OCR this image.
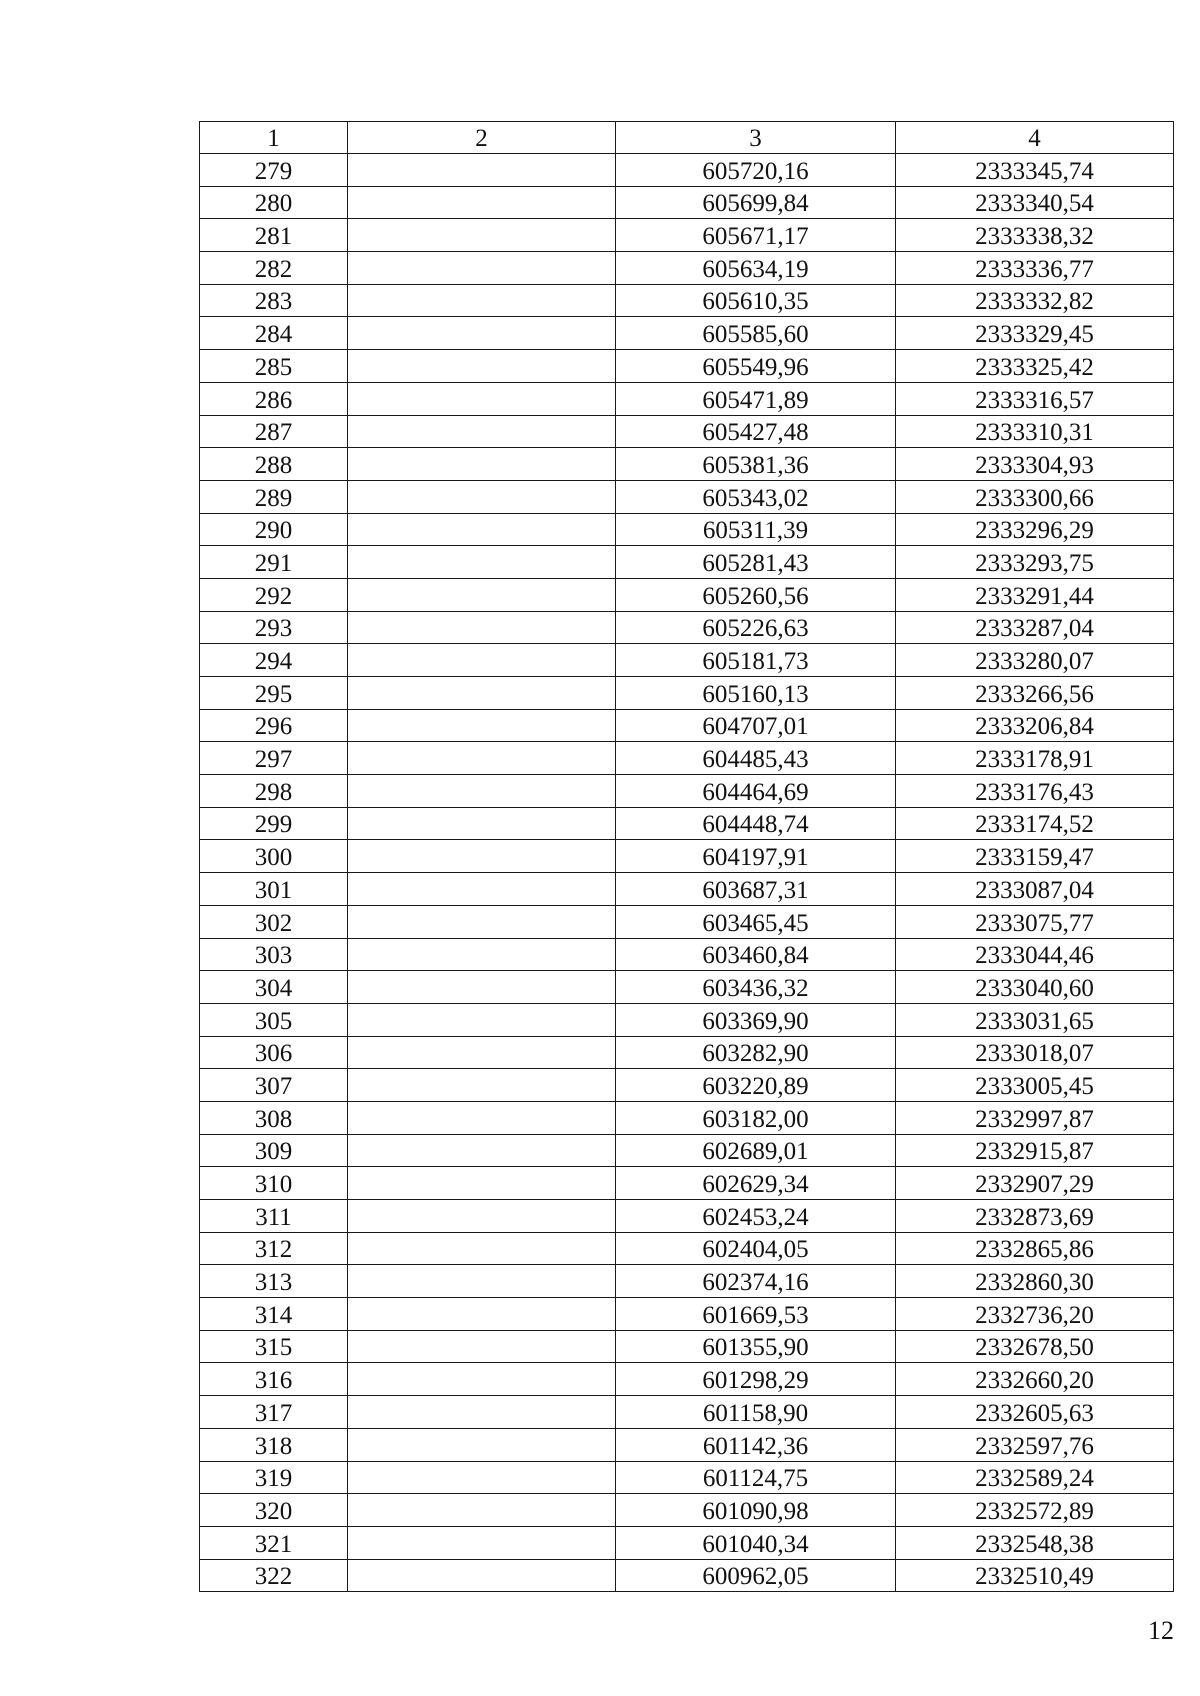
1	2	3	4
279		605720,16	2333345,74
280		605699,84	2333340,54
281		605671,17	2333338,32
282		605634,19	2333336,77
283		605610,35	2333332,82
284		605585,60	2333329,45
285		605549,96	2333325,42
286		605471,89	2333316,57
287		605427,48	2333310,31
288		605381,36	2333304,93
289		605343,02	2333300,66
290		605311,39	2333296,29
291		605281,43	2333293,75
292		605260,56	2333291,44
293		605226,63	2333287,04
294		605181,73	2333280,07
295		605160,13	2333266,56
296		604707,01	2333206,84
297		604485,43	2333178,91
298		604464,69	2333176,43
299		604448,74	2333174,52
300		604197,91	2333159,47
301		603687,31	2333087,04
302		603465,45	2333075,77
303		603460,84	2333044,46
304		603436,32	2333040,60
305		603369,90	2333031,65
306		603282,90	2333018,07
307		603220,89	2333005,45
308		603182,00	2332997,87
309		602689,01	2332915,87
310		602629,34	2332907,29
311		602453,24	2332873,69
312		602404,05	2332865,86
313		602374,16	2332860,30
314		601669,53	2332736,20
315		601355,90	2332678,50
316		601298,29	2332660,20
317		601158,90	2332605,63
318		601142,36	2332597,76
319		601124,75	2332589,24
320		601090,98	2332572,89
321		601040,34	2332548,38
322		600962,05	2332510,49
12
